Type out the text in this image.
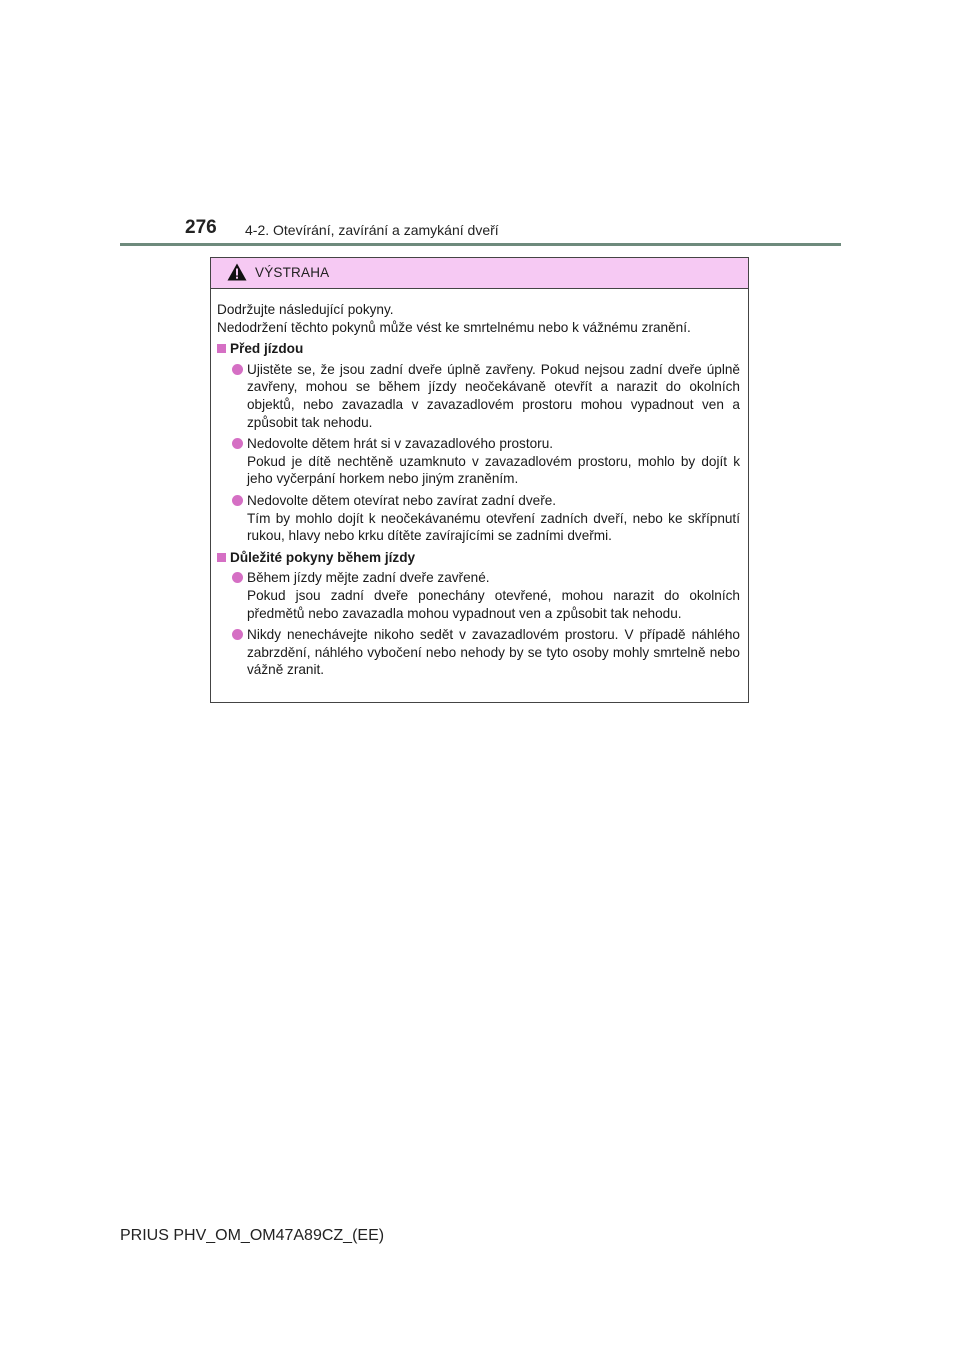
276 4-2. Otevírání, zavírání a zamykání dveří
VÝSTRAHA
Dodržujte následující pokyny.
Nedodržení těchto pokynů může vést ke smrtelnému nebo k vážnému zranění.
Před jízdou

Ujistěte se, že jsou zadní dveře úplně zavřeny. Pokud nejsou zadní dveře úplně zavřeny, mohou se během jízdy neočekávaně otevřít a narazit do okolních objektů, nebo zavazadla v zavazadlovém prostoru mohou vypadnout ven a způsobit tak nehodu.

Nedovolte dětem hrát si v zavazadlového prostoru.

Pokud je dítě nechtěně uzamknuto v zavazadlovém prostoru, mohlo by dojít k jeho vyčerpání horkem nebo jiným zraněním.

Nedovolte dětem otevírat nebo zavírat zadní dveře.

Tím by mohlo dojít k neočekávanému otevření zadních dveří, nebo ke skřípnutí rukou, hlavy nebo krku dítěte zavírajícími se zadními dveřmi.

Důležité pokyny během jízdy

Během jízdy mějte zadní dveře zavřené.

Pokud jsou zadní dveře ponechány otevřené, mohou narazit do okolních předmětů nebo zavazadla mohou vypadnout ven a způsobit tak nehodu.

Nikdy nenechávejte nikoho sedět v zavazadlovém prostoru. V případě náhlého zabrzdění, náhlého vybočení nebo nehody by se tyto osoby mohly smrtelně nebo vážně zranit.

PRIUS PHV_OM_OM47A89CZ_(EE)
